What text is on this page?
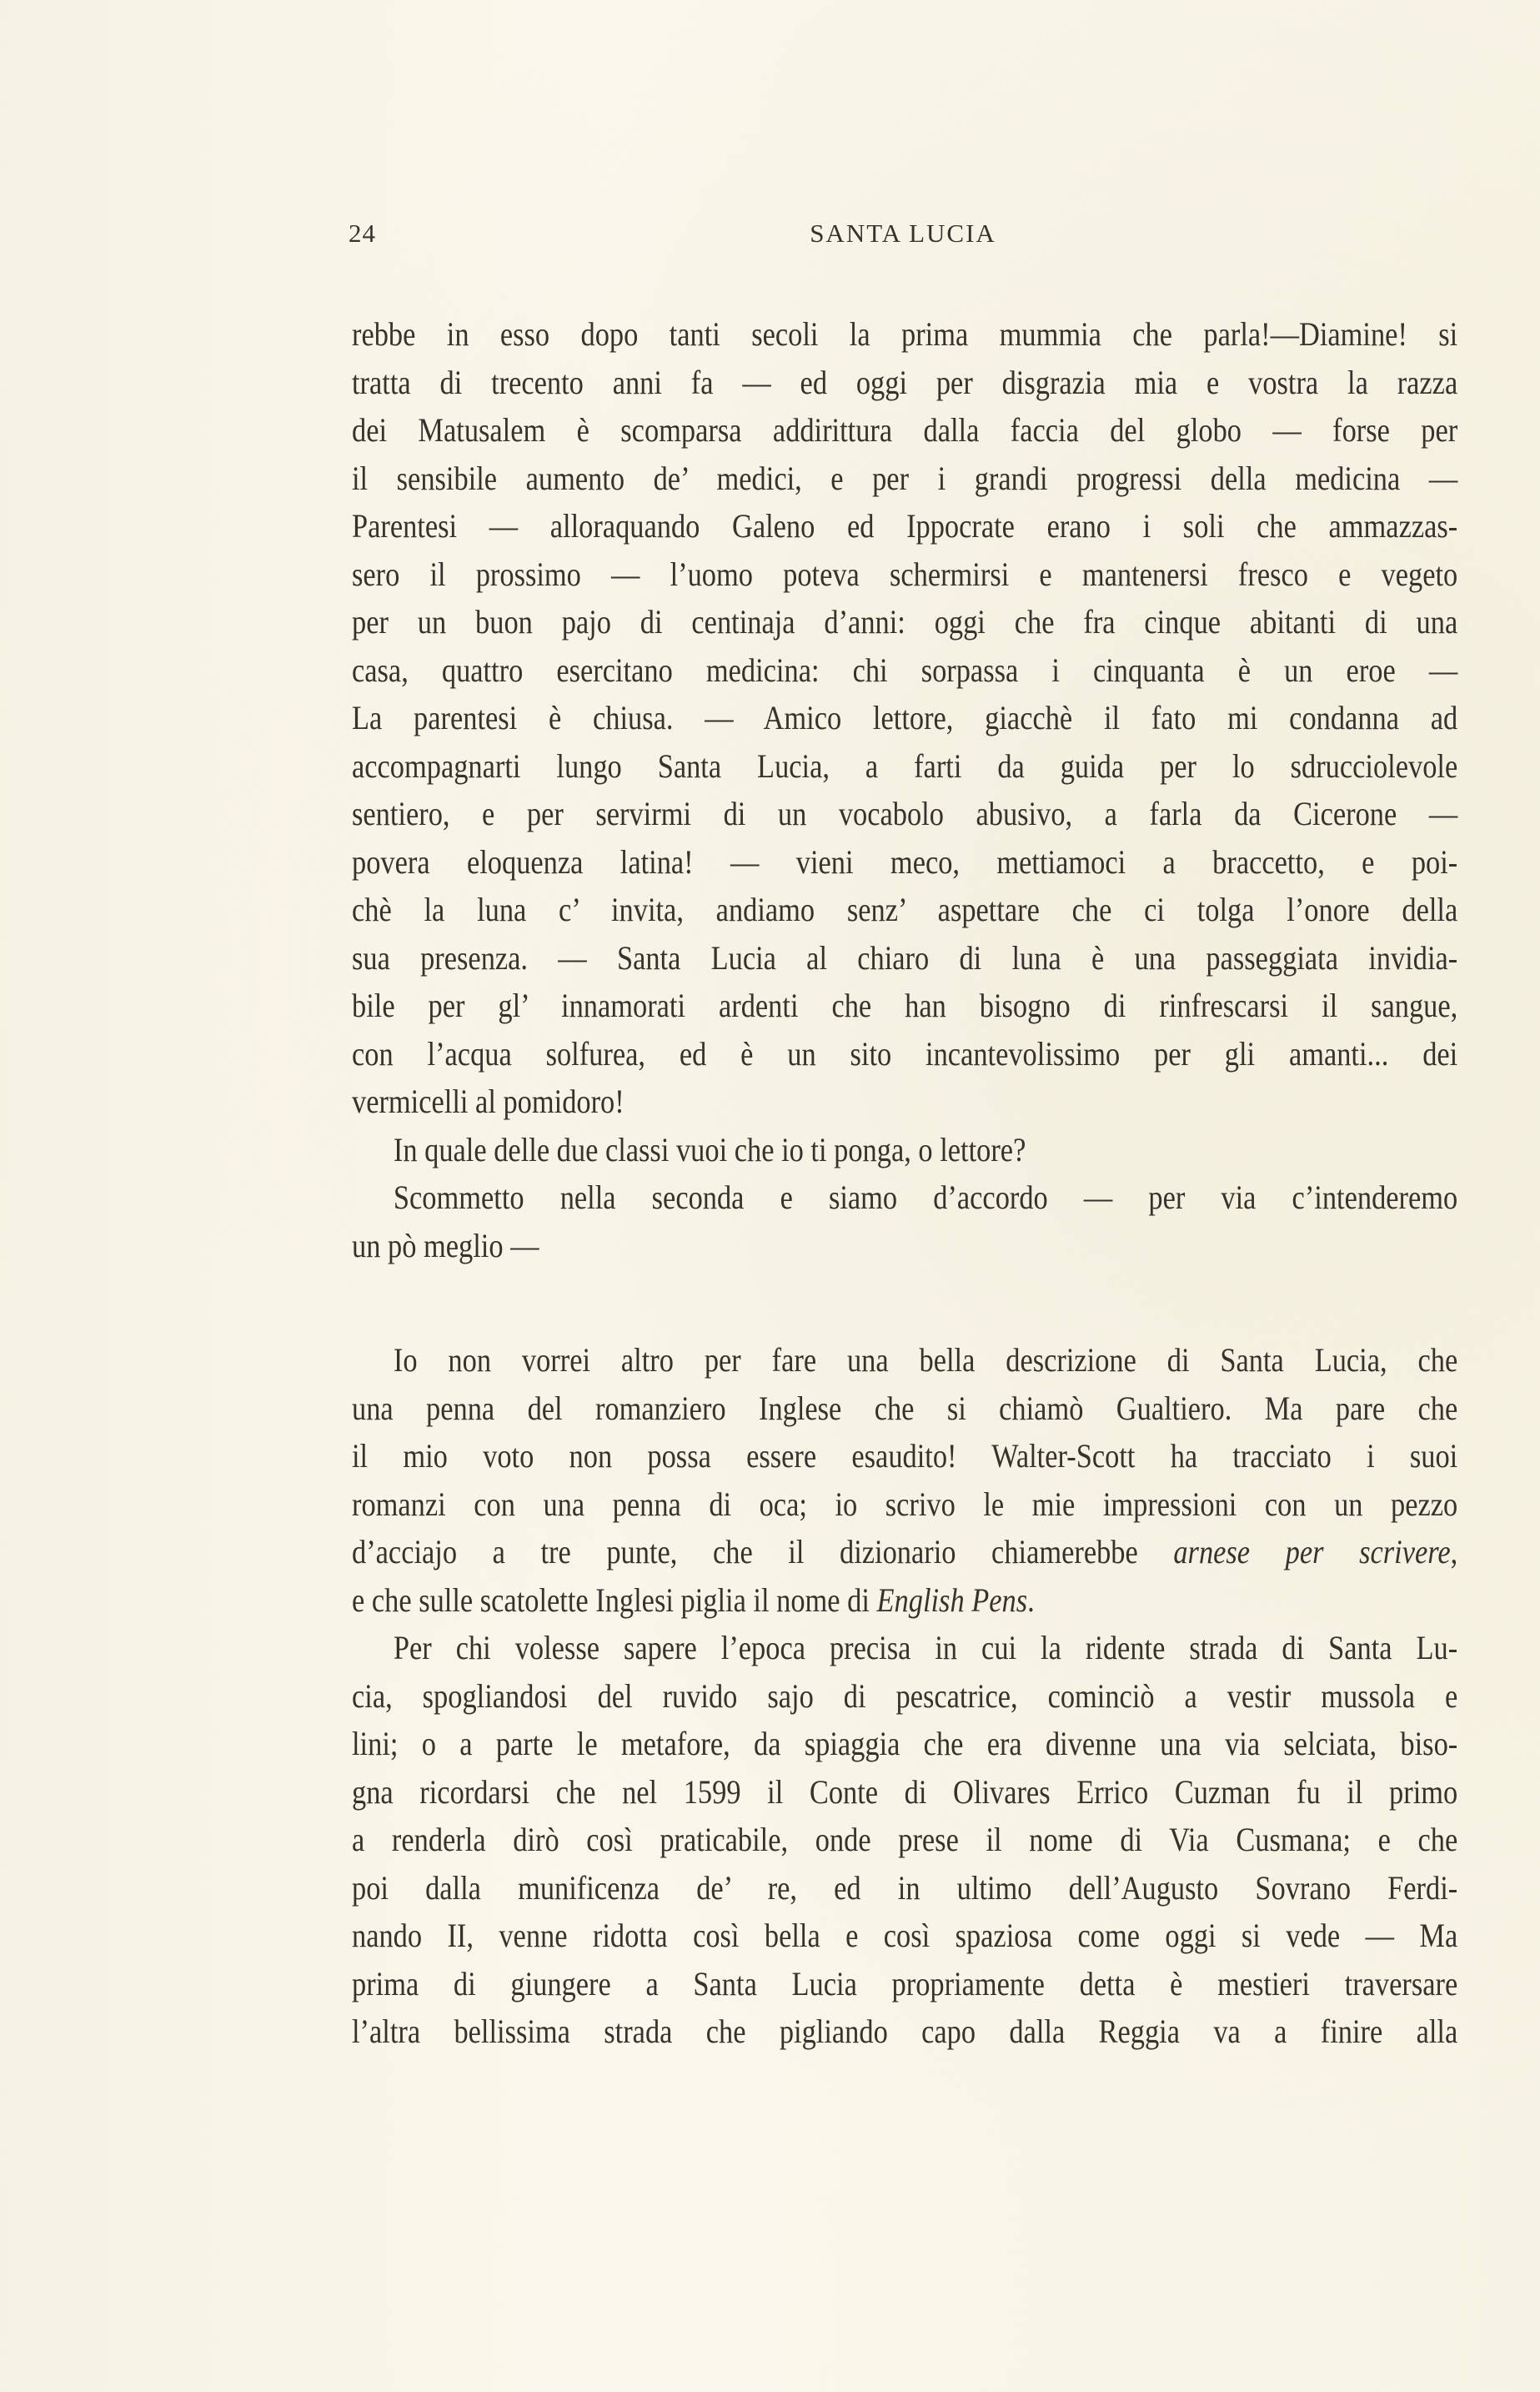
24	SANTA LUCIA
rebbe in esso dopo tanti secoli la prima mummia che parla!—Diamine! si
tratta di trecento anni fa — ed oggi per disgrazia mia e vostra la razza
dei Matusalem è scomparsa addirittura dalla faccia del globo — forse per
il sensibile aumento de’ medici, e per i grandi progressi della medicina —
Parentesi — alloraquando Galeno ed Ippocrate erano i soli che ammazzas-
sero il prossimo — l’uomo poteva schermirsi e mantenersi fresco e vegeto
per un buon pajo di centinaja d’anni: oggi che fra cinque abitanti di una
casa, quattro esercitano medicina: chi sorpassa i cinquanta è un eroe —
La parentesi è chiusa. — Amico lettore, giacchè il fato mi condanna ad
accompagnarti lungo Santa Lucia, a farti da guida per lo sdrucciolevole
sentiero, e per servirmi di un vocabolo abusivo, a farla da Cicerone —
povera eloquenza latina! — vieni meco, mettiamoci a braccetto, e poi-
chè la luna c’ invita, andiamo senz’ aspettare che ci tolga l’onore della
sua presenza. — Santa Lucia al chiaro di luna è una passeggiata invidia-
bile per gl’ innamorati ardenti che han bisogno di rinfrescarsi il sangue,
con l’acqua solfurea, ed è un sito incantevolissimo per gli amanti... dei
vermicelli al pomidoro!
In quale delle due classi vuoi che io ti ponga, o lettore?
Scommetto nella seconda e siamo d’accordo — per via c’intenderemo
un pò meglio —
Io non vorrei altro per fare una bella descrizione di Santa Lucia, che
una penna del romanziero Inglese che si chiamò Gualtiero. Ma pare che
il mio voto non possa essere esaudito! Walter-Scott ha tracciato i suoi
romanzi con una penna di oca; io scrivo le mie impressioni con un pezzo
d’acciajo a tre punte, che il dizionario chiamerebbe arnese per scrivere,
e che sulle scatolette Inglesi piglia il nome di English Pens.
Per chi volesse sapere l’epoca precisa in cui la ridente strada di Santa Lu-
cia, spogliandosi del ruvido sajo di pescatrice, cominciò a vestir mussola e
lini; o a parte le metafore, da spiaggia che era divenne una via selciata, biso-
gna ricordarsi che nel 1599 il Conte di Olivares Errico Cuzman fu il primo
a renderla dirò così praticabile, onde prese il nome di Via Cusmana; e che
poi dalla munificenza de’ re, ed in ultimo dell’Augusto Sovrano Ferdi-
nando II, venne ridotta così bella e così spaziosa come oggi si vede — Ma
prima di giungere a Santa Lucia propriamente detta è mestieri traversare
l’altra bellissima strada che pigliando capo dalla Reggia va a finire alla
